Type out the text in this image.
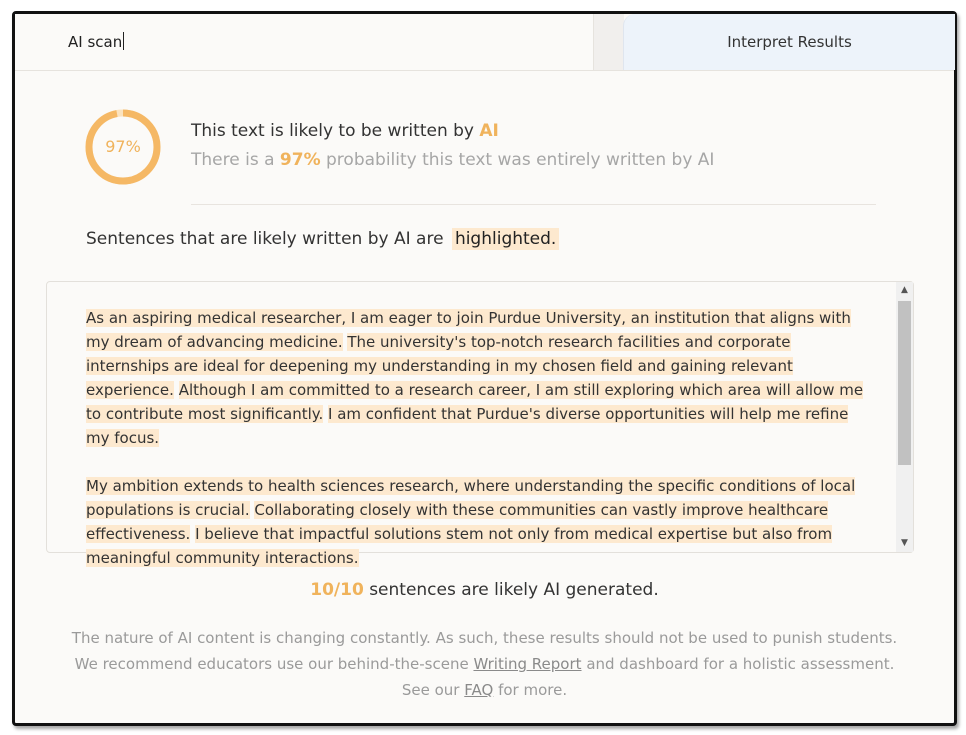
AI scan	Interpret Results
97%
This text is likely to be written by AI
There is a 97% probability this text was entirely written by AI
Sentences that are likely written by AI are highlighted.

As an aspiring medical researcher, I am eager to join Purdue University, an institution that aligns with my dream of advancing medicine. The university's top-notch research facilities and corporate internships are ideal for deepening my understanding in my chosen field and gaining relevant experience. Although I am committed to a research career, I am still exploring which area will allow me to contribute most significantly. I am confident that Purdue's diverse opportunities will help me refine my focus.

My ambition extends to health sciences research, where understanding the specific conditions of local populations is crucial. Collaborating closely with these communities can vastly improve healthcare effectiveness. I believe that impactful solutions stem not only from medical expertise but also from meaningful community interactions.

▲
▼
10/10 sentences are likely AI generated.
The nature of AI content is changing constantly. As such, these results should not be used to punish students.
We recommend educators use our behind-the-scene Writing Report and dashboard for a holistic assessment.
See our FAQ for more.
